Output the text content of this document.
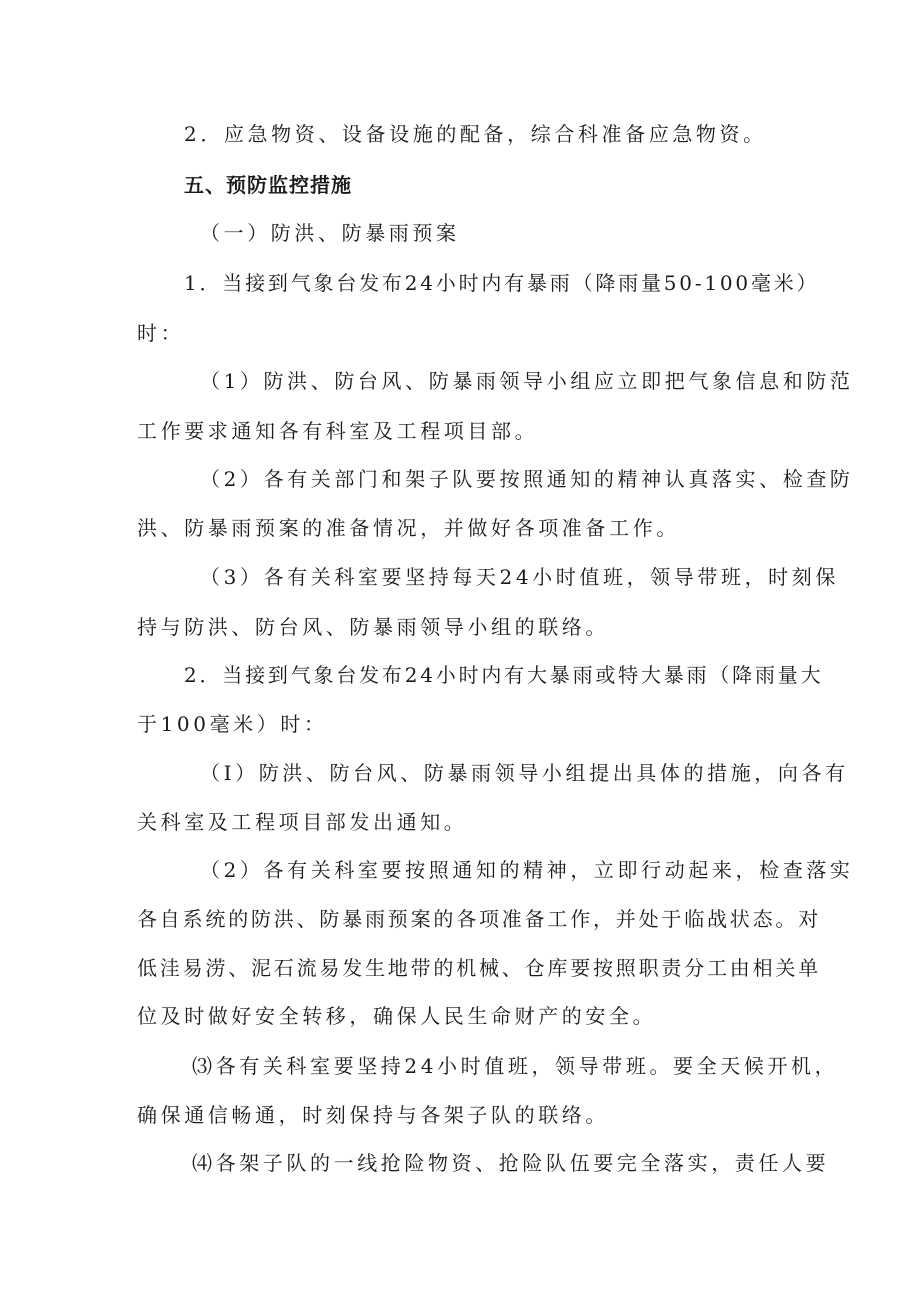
2．应急物资、设备设施的配备，综合科准备应急物资。
五、预防监控措施
（一）防洪、防暴雨预案
1．当接到气象台发布24小时内有暴雨（降雨量50-100毫米）
时：
（1）防洪、防台风、防暴雨领导小组应立即把气象信息和防范
工作要求通知各有科室及工程项目部。
（2）各有关部门和架子队要按照通知的精神认真落实、检查防
洪、防暴雨预案的准备情况，并做好各项准备工作。
（3）各有关科室要坚持每天24小时值班，领导带班，时刻保
持与防洪、防台风、防暴雨领导小组的联络。
2．当接到气象台发布24小时内有大暴雨或特大暴雨（降雨量大
于100毫米）时：
（I）防洪、防台风、防暴雨领导小组提出具体的措施，向各有
关科室及工程项目部发出通知。
（2）各有关科室要按照通知的精神，立即行动起来，检查落实
各自系统的防洪、防暴雨预案的各项准备工作，并处于临战状态。对
低洼易涝、泥石流易发生地带的机械、仓库要按照职责分工由相关单
位及时做好安全转移，确保人民生命财产的安全。
⑶各有关科室要坚持24小时值班，领导带班。要全天候开机，
确保通信畅通，时刻保持与各架子队的联络。
⑷各架子队的一线抢险物资、抢险队伍要完全落实，责任人要
